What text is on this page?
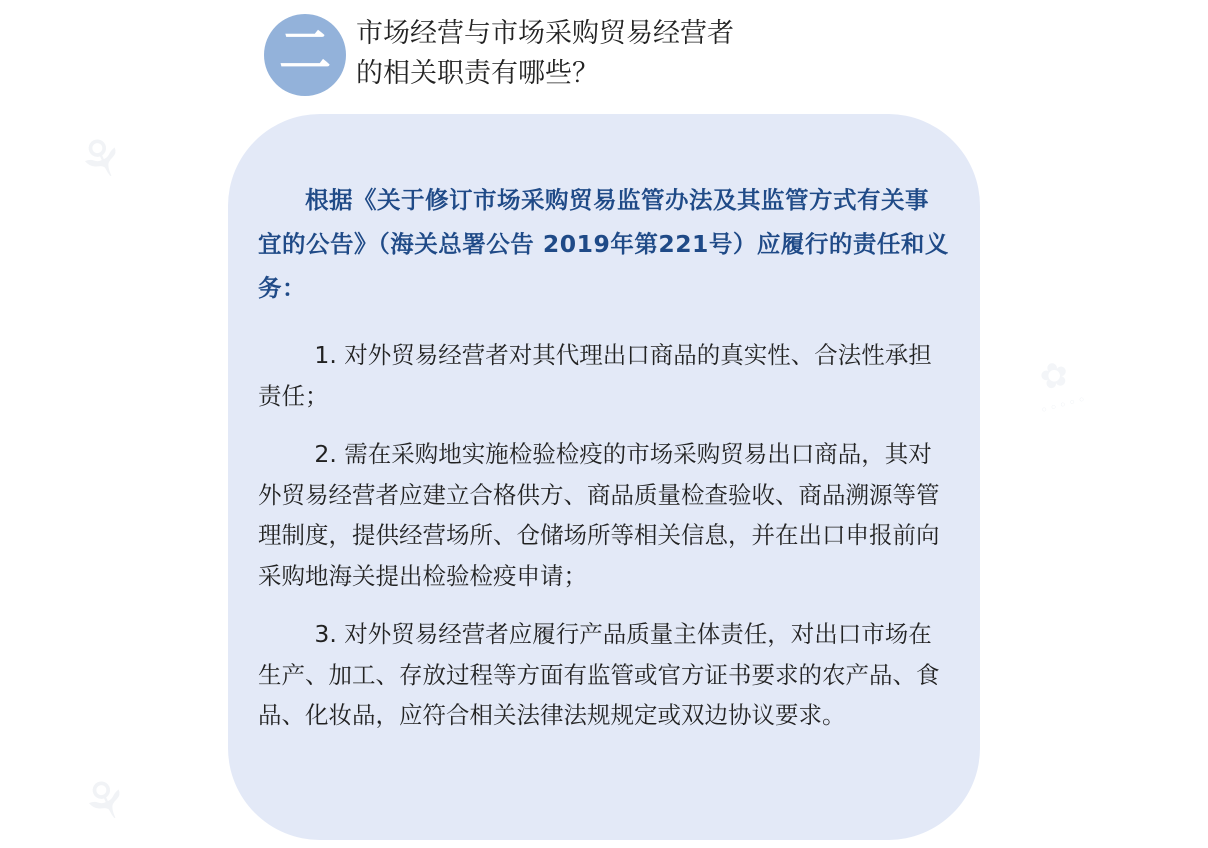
⚘
⚘
✿
◦◦◦◦◦
二 市场经营与市场采购贸易经营者
的相关职责有哪些？

根据《关于修订市场采购贸易监管办法及其监管方式有关事宜的公告》（海关总署公告 2019年第221号）应履行的责任和义务：

1. 对外贸易经营者对其代理出口商品的真实性、合法性承担责任；

2. 需在采购地实施检验检疫的市场采购贸易出口商品，其对外贸易经营者应建立合格供方、商品质量检查验收、商品溯源等管理制度，提供经营场所、仓储场所等相关信息，并在出口申报前向采购地海关提出检验检疫申请；

3. 对外贸易经营者应履行产品质量主体责任，对出口市场在生产、加工、存放过程等方面有监管或官方证书要求的农产品、食品、化妆品，应符合相关法律法规规定或双边协议要求。
